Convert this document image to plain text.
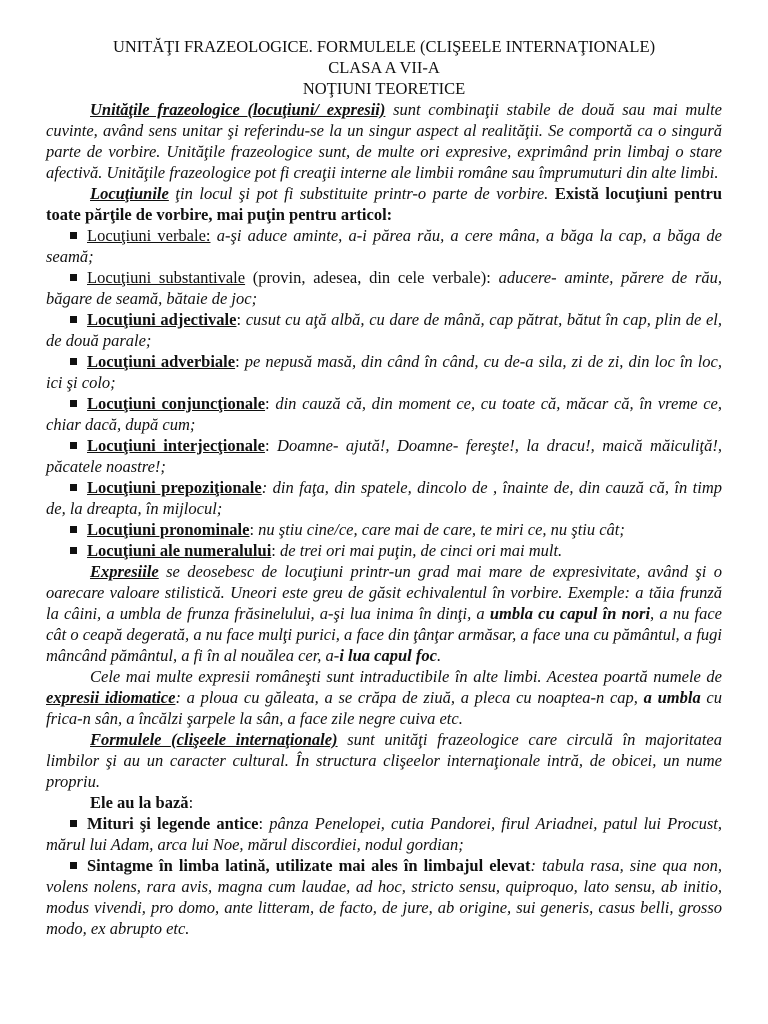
UNITĂŢI FRAZEOLOGICE. FORMULELE (CLIŞEELE INTERNAŢIONALE)

CLASA A VII-A

NOŢIUNI TEORETICE

Unităţile frazeologice (locuţiuni/ expresii) sunt combinaţii stabile de două sau mai multe cuvinte, având sens unitar şi referindu-se la un singur aspect al realităţii. Se comportă ca o singură parte de vorbire. Unităţile frazeologice sunt, de multe ori expresive, exprimând prin limbaj o stare afectivă. Unităţile frazeologice pot fi creaţii interne ale limbii române sau împrumuturi din alte limbi.

Locuţiunile ţin locul şi pot fi substituite printr-o parte de vorbire. Există locuţiuni pentru toate părţile de vorbire, mai puţin pentru articol:

Locuţiuni verbale: a-şi aduce aminte, a-i părea rău, a cere mâna, a băga la cap, a băga de seamă;
Locuţiuni substantivale (provin, adesea, din cele verbale): aducere- aminte, părere de rău, băgare de seamă, bătaie de joc;
Locuţiuni adjectivale: cusut cu aţă albă, cu dare de mână, cap pătrat, bătut în cap, plin de el, de două parale;
Locuţiuni adverbiale: pe nepusă masă, din când în când, cu de-a sila, zi de zi, din loc în loc, ici şi colo;
Locuţiuni conjuncţionale: din cauză că, din moment ce, cu toate că, măcar că, în vreme ce, chiar dacă, după cum;
Locuţiuni interjecţionale: Doamne- ajută!, Doamne- fereşte!, la dracu!, maică măiculiţă!, păcatele noastre!;
Locuţiuni prepoziţionale: din faţa, din spatele, dincolo de , înainte de, din cauză că, în timp de, la dreapta, în mijlocul;
Locuţiuni pronominale: nu ştiu cine/ce, care mai de care, te miri ce, nu ştiu cât;
Locuţiuni ale numeralului: de trei ori mai puţin, de cinci ori mai mult.

Expresiile se deosebesc de locuţiuni printr-un grad mai mare de expresivitate, având şi o oarecare valoare stilistică. Uneori este greu de găsit echivalentul în vorbire. Exemple: a tăia frunză la câini, a umbla de frunza frăsinelului, a-şi lua inima în dinţi, a umbla cu capul în nori, a nu face cât o ceapă degerată, a nu face mulţi purici, a face din ţânţar armăsar, a face una cu pământul, a fugi mâncând pământul, a fi în al nouălea cer, a-i lua capul foc.

Cele mai multe expresii româneşti sunt intraductibile în alte limbi. Acestea poartă numele de expresii idiomatice: a ploua cu găleata, a se crăpa de ziuă, a pleca cu noaptea-n cap, a umbla cu frica-n sân, a încălzi şarpele la sân, a face zile negre cuiva etc.

Formulele (clişeele internaţionale) sunt unităţi frazeologice care circulă în majoritatea limbilor şi au un caracter cultural. În structura clişeelor internaţionale intră, de obicei, un nume propriu.

Ele au la bază:

Mituri şi legende antice: pânza Penelopei, cutia Pandorei, firul Ariadnei, patul lui Procust, mărul lui Adam, arca lui Noe, mărul discordiei, nodul gordian;
Sintagme în limba latină, utilizate mai ales în limbajul elevat: tabula rasa, sine qua non, volens nolens, rara avis, magna cum laudae, ad hoc, stricto sensu, quiproquo, lato sensu, ab initio, modus vivendi, pro domo, ante litteram, de facto, de jure, ab origine, sui generis, casus belli, grosso modo, ex abrupto etc.
